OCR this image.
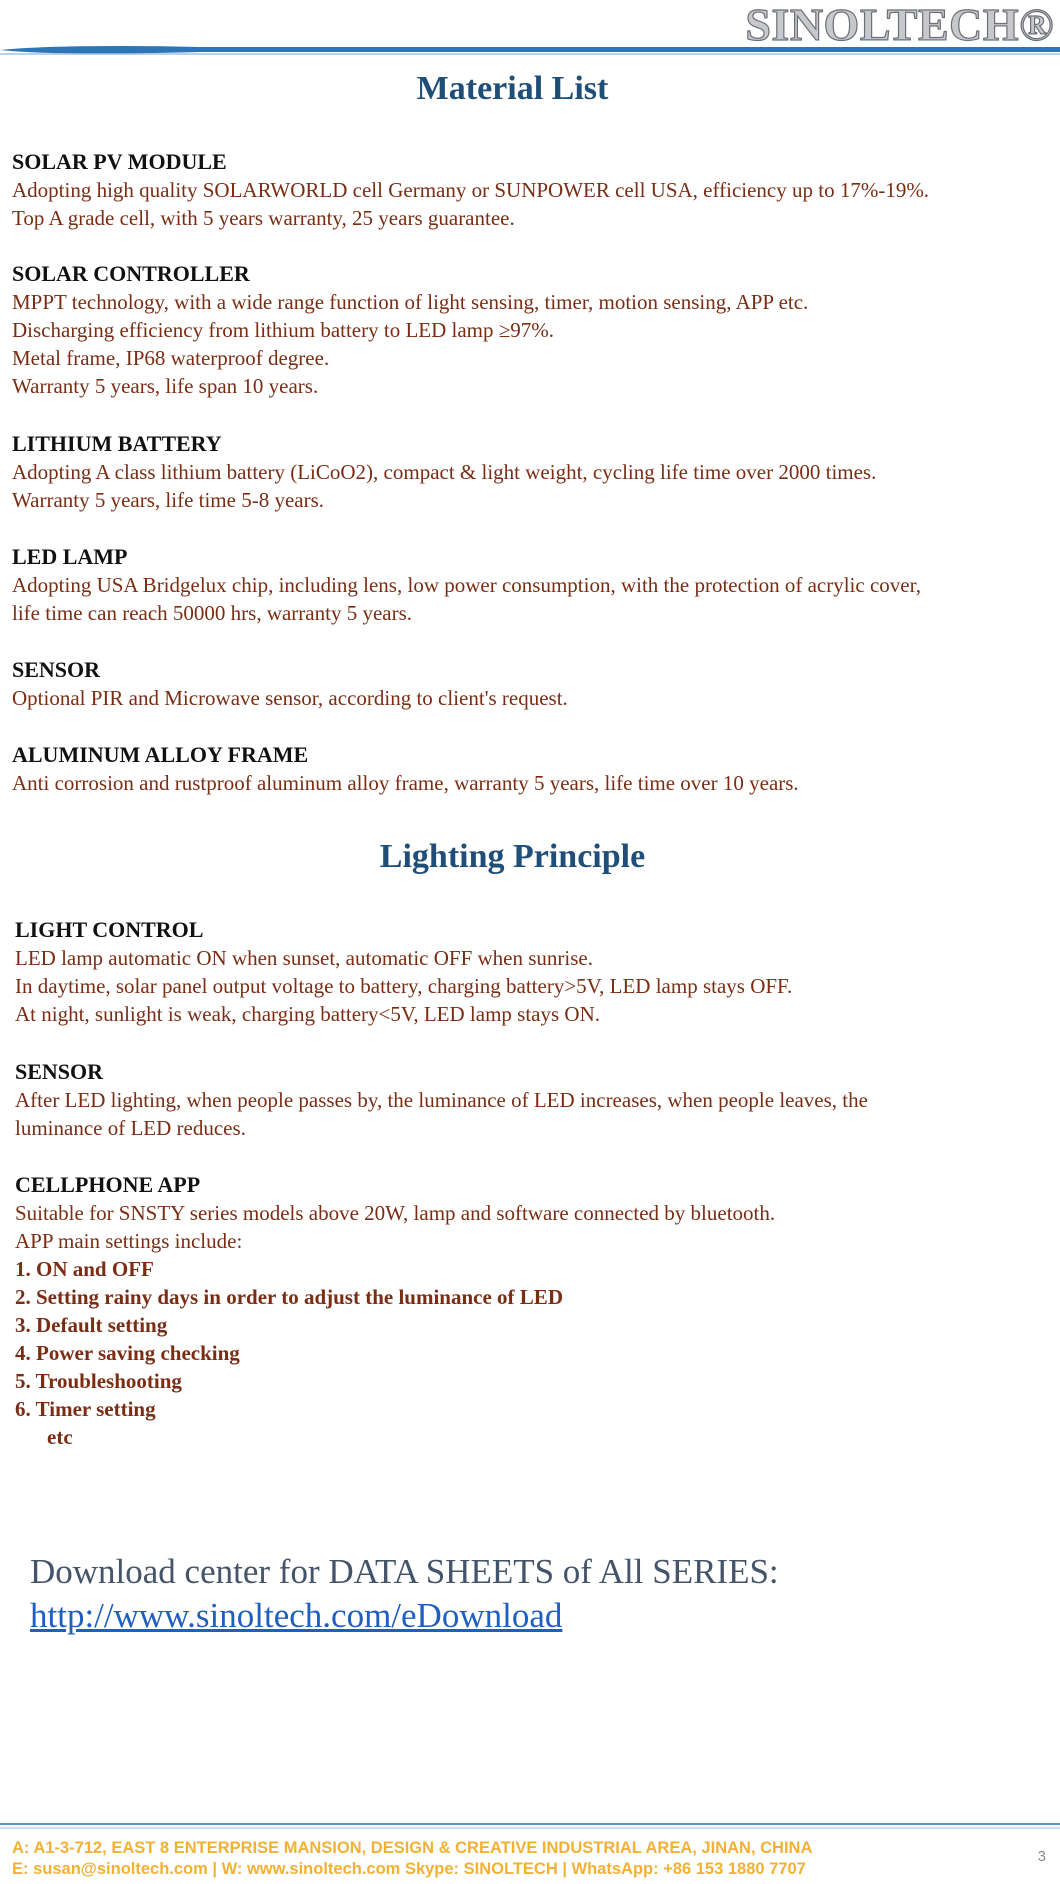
SINOLTECH®
Material List
SOLAR PV MODULE

Adopting high quality SOLARWORLD cell Germany or SUNPOWER cell USA, efficiency up to 17%-19%.

Top A grade cell, with 5 years warranty, 25 years guarantee.

SOLAR CONTROLLER

MPPT technology, with a wide range function of light sensing, timer, motion sensing, APP etc.

Discharging efficiency from lithium battery to LED lamp ≥97%.

Metal frame, IP68 waterproof degree.

Warranty 5 years, life span 10 years.

LITHIUM BATTERY

Adopting A class lithium battery (LiCoO2), compact & light weight, cycling life time over 2000 times.

Warranty 5 years, life time 5-8 years.

LED LAMP

Adopting USA Bridgelux chip, including lens, low power consumption, with the protection of acrylic cover,

life time can reach 50000 hrs, warranty 5 years.

SENSOR

Optional PIR and Microwave sensor, according to client's request.

ALUMINUM ALLOY FRAME

Anti corrosion and rustproof aluminum alloy frame, warranty 5 years, life time over 10 years.

Lighting Principle
LIGHT CONTROL

LED lamp automatic ON when sunset, automatic OFF when sunrise.

In daytime, solar panel output voltage to battery, charging battery>5V, LED lamp stays OFF.

At night, sunlight is weak, charging battery<5V, LED lamp stays ON.

SENSOR

After LED lighting, when people passes by, the luminance of LED increases, when people leaves, the

luminance of LED reduces.

CELLPHONE APP

Suitable for SNSTY series models above 20W, lamp and software connected by bluetooth.

APP main settings include:

1. ON and OFF

2. Setting rainy days in order to adjust the luminance of LED

3. Default setting

4. Power saving checking

5. Troubleshooting

6. Timer setting

etc

Download center for DATA SHEETS of All SERIES:
http://www.sinoltech.com/eDownload
A: A1-3-712, EAST 8 ENTERPRISE MANSION, DESIGN & CREATIVE INDUSTRIAL AREA, JINAN, CHINA
E: susan@sinoltech.com | W: www.sinoltech.com Skype: SINOLTECH | WhatsApp: +86 153 1880 7707
3
